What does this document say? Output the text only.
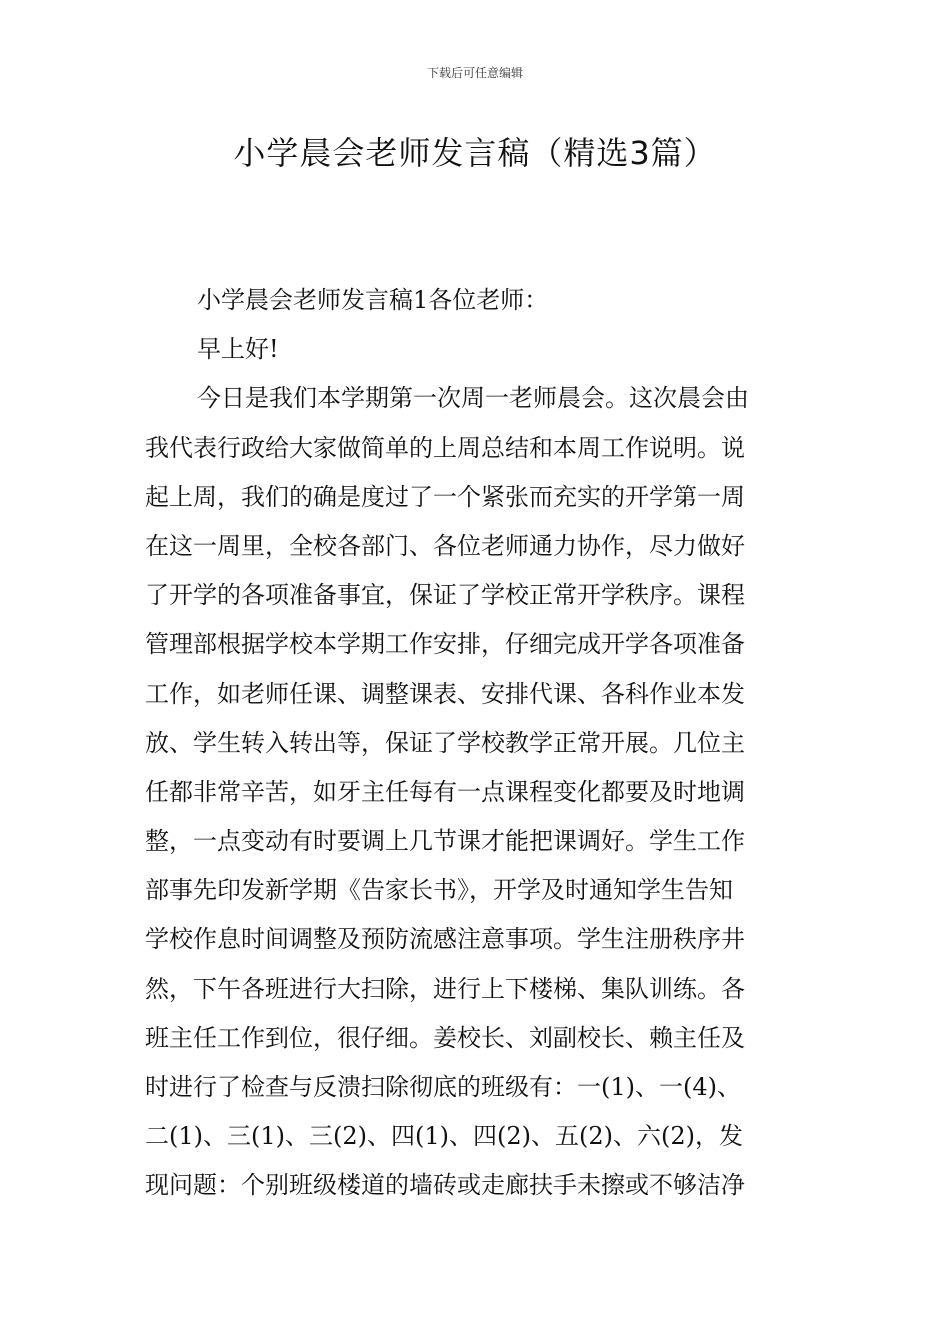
下载后可任意编辑
小学晨会老师发言稿（精选3篇）
小学晨会老师发言稿1各位老师：
早上好!
今日是我们本学期第一次周一老师晨会。这次晨会由
我代表行政给大家做简单的上周总结和本周工作说明。说
起上周，我们的确是度过了一个紧张而充实的开学第一周
在这一周里，全校各部门、各位老师通力协作，尽力做好
了开学的各项准备事宜，保证了学校正常开学秩序。课程
管理部根据学校本学期工作安排，仔细完成开学各项准备
工作，如老师任课、调整课表、安排代课、各科作业本发
放、学生转入转出等，保证了学校教学正常开展。几位主
任都非常辛苦，如牙主任每有一点课程变化都要及时地调
整，一点变动有时要调上几节课才能把课调好。学生工作
部事先印发新学期《告家长书》，开学及时通知学生告知
学校作息时间调整及预防流感注意事项。学生注册秩序井
然，下午各班进行大扫除，进行上下楼梯、集队训练。各
班主任工作到位，很仔细。姜校长、刘副校长、赖主任及
时进行了检查与反溃扫除彻底的班级有：一(1)、一(4)、
二(1)、三(1)、三(2)、四(1)、四(2)、五(2)、六(2)，发
现问题：个别班级楼道的墙砖或走廊扶手未擦或不够洁净
